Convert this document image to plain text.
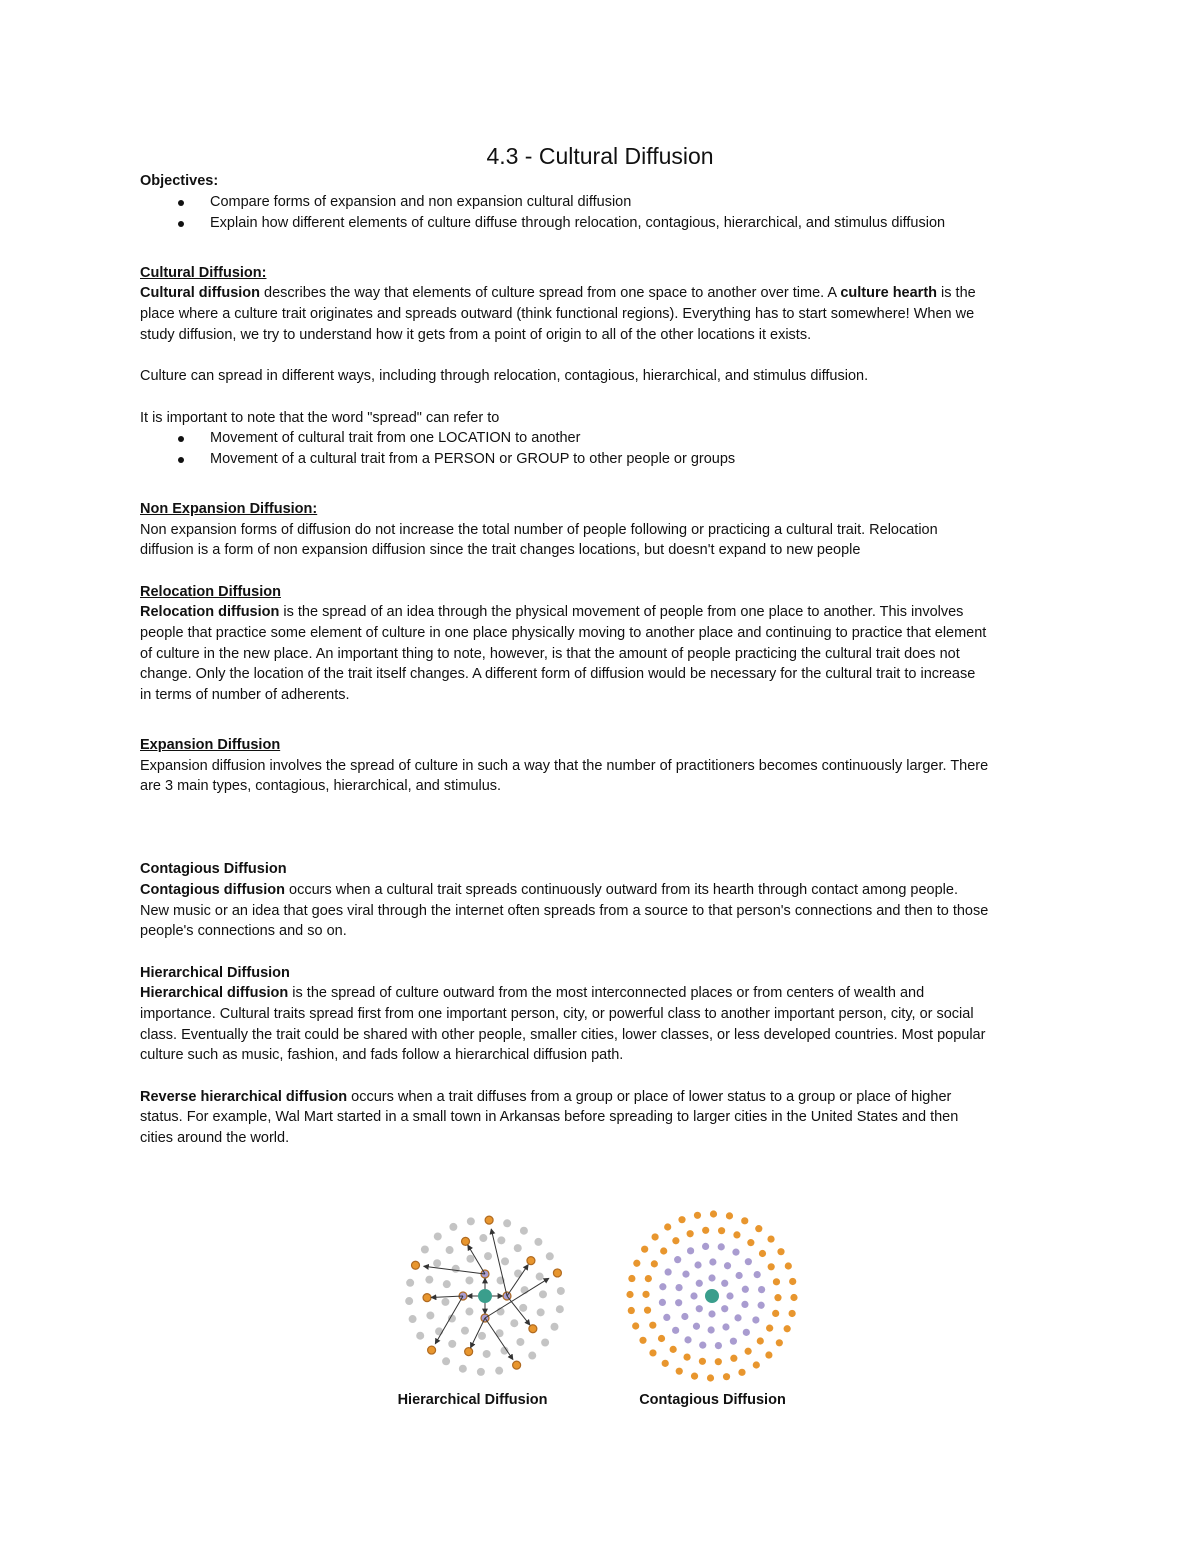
4.3 - Cultural Diffusion
Objectives:
Compare forms of expansion and non expansion cultural diffusion
Explain how different elements of culture diffuse through relocation, contagious, hierarchical, and stimulus diffusion
Cultural Diffusion:
Cultural diffusion describes the way that elements of culture spread from one space to another over time. A culture hearth is the
place where a culture trait originates and spreads outward (think functional regions). Everything has to start somewhere! When we
study diffusion, we try to understand how it gets from a point of origin to all of the other locations it exists.
Culture can spread in different ways, including through relocation, contagious, hierarchical, and stimulus diffusion.
It is important to note that the word "spread" can refer to
Movement of cultural trait from one LOCATION to another
Movement of a cultural trait from a PERSON or GROUP to other people or groups
Non Expansion Diffusion:
Non expansion forms of diffusion do not increase the total number of people following or practicing a cultural trait. Relocation
diffusion is a form of non expansion diffusion since the trait changes locations, but doesn't expand to new people
Relocation Diffusion
Relocation diffusion is the spread of an idea through the physical movement of people from one place to another. This involves
people that practice some element of culture in one place physically moving to another place and continuing to practice that element
of culture in the new place. An important thing to note, however, is that the amount of people practicing the cultural trait does not
change. Only the location of the trait itself changes. A different form of diffusion would be necessary for the cultural trait to increase
in terms of number of adherents.
Expansion Diffusion
Expansion diffusion involves the spread of culture in such a way that the number of practitioners becomes continuously larger. There
are 3 main types, contagious, hierarchical, and stimulus.
Contagious Diffusion
Contagious diffusion occurs when a cultural trait spreads continuously outward from its hearth through contact among people.
New music or an idea that goes viral through the internet often spreads from a source to that person's connections and then to those
people's connections and so on.
Hierarchical Diffusion
Hierarchical diffusion is the spread of culture outward from the most interconnected places or from centers of wealth and
importance. Cultural traits spread first from one important person, city, or powerful class to another important person, city, or social
class. Eventually the trait could be shared with other people, smaller cities, lower classes, or less developed countries. Most popular
culture such as music, fashion, and fads follow a hierarchical diffusion path.
Reverse hierarchical diffusion occurs when a trait diffuses from a group or place of lower status to a group or place of higher
status. For example, Wal Mart started in a small town in Arkansas before spreading to larger cities in the United States and then
cities around the world.
Hierarchical Diffusion	Contagious Diffusion
